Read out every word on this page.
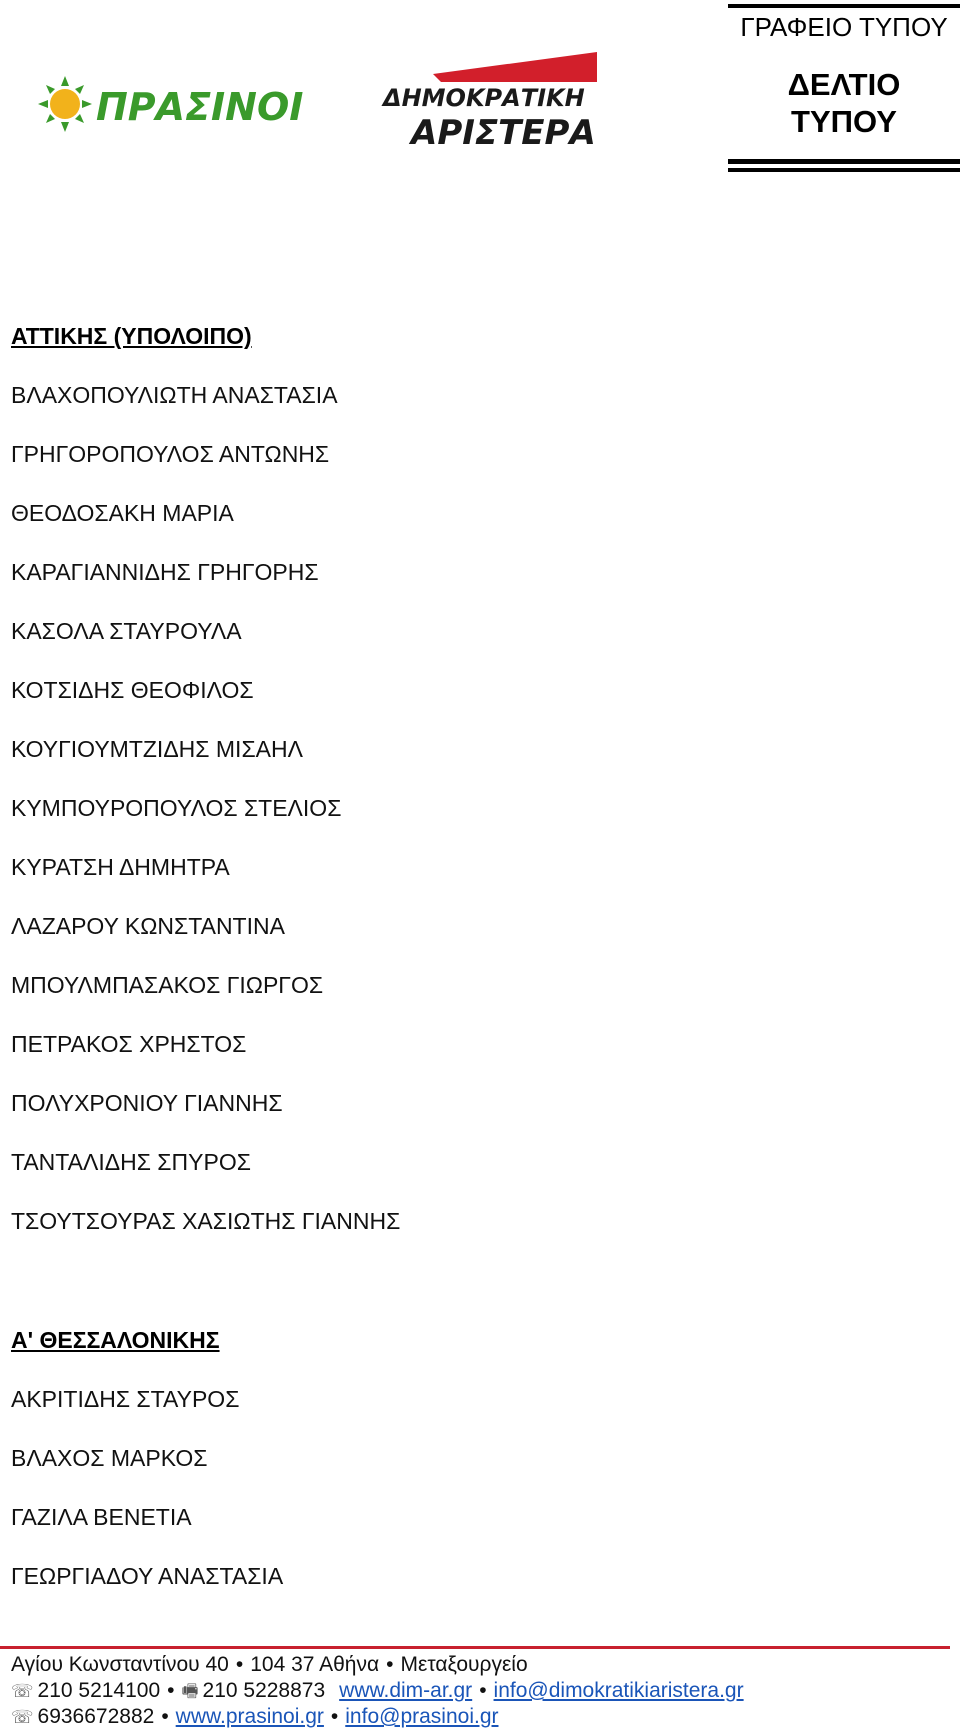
ΠΡΑΣΙΝΟΙ	ΔΗΜΟΚΡΑΤΙΚΗ
ΑΡΙΣΤΕΡΑ
ΓΡΑΦΕΙΟ ΤΥΠΟΥ
ΔΕΛΤΙΟ
ΤΥΠΟΥ
ΑΤΤΙΚΗΣ (ΥΠΟΛΟΙΠΟ)
ΒΛΑΧΟΠΟΥΛΙΩΤΗ ΑΝΑΣΤΑΣΙΑ
ΓΡΗΓΟΡΟΠΟΥΛΟΣ ΑΝΤΩΝΗΣ
ΘΕΟΔΟΣΑΚΗ ΜΑΡΙΑ
ΚΑΡΑΓΙΑΝΝΙΔΗΣ ΓΡΗΓΟΡΗΣ
ΚΑΣΟΛΑ ΣΤΑΥΡΟΥΛΑ
ΚΟΤΣΙΔΗΣ ΘΕΟΦΙΛΟΣ
ΚΟΥΓΙΟΥΜΤΖΙΔΗΣ ΜΙΣΑΗΛ
ΚΥΜΠΟΥΡΟΠΟΥΛΟΣ ΣΤΕΛΙΟΣ
ΚΥΡΑΤΣΗ ΔΗΜΗΤΡΑ
ΛΑΖΑΡΟΥ ΚΩΝΣΤΑΝΤΙΝΑ
ΜΠΟΥΛΜΠΑΣΑΚΟΣ ΓΙΩΡΓΟΣ
ΠΕΤΡΑΚΟΣ ΧΡΗΣΤΟΣ
ΠΟΛΥΧΡΟΝΙΟΥ ΓΙΑΝΝΗΣ
ΤΑΝΤΑΛΙΔΗΣ ΣΠΥΡΟΣ
ΤΣΟΥΤΣΟΥΡΑΣ ΧΑΣΙΩΤΗΣ ΓΙΑΝΝΗΣ
Α' ΘΕΣΣΑΛΟΝΙΚΗΣ
ΑΚΡΙΤΙΔΗΣ ΣΤΑΥΡΟΣ
ΒΛΑΧΟΣ ΜΑΡΚΟΣ
ΓΑΖΙΛΑ ΒΕΝΕΤΙΑ
ΓΕΩΡΓΙΑΔΟΥ ΑΝΑΣΤΑΣΙΑ
Αγίου Κωνσταντίνου 40 • 104 37 Αθήνα • Μεταξουργείο
☏ 210 5214100 • 🖷 210 5228873 www.dim-ar.gr • info@dimokratikiaristera.gr
☏ 6936672882 • www.prasinoi.gr • info@prasinoi.gr
